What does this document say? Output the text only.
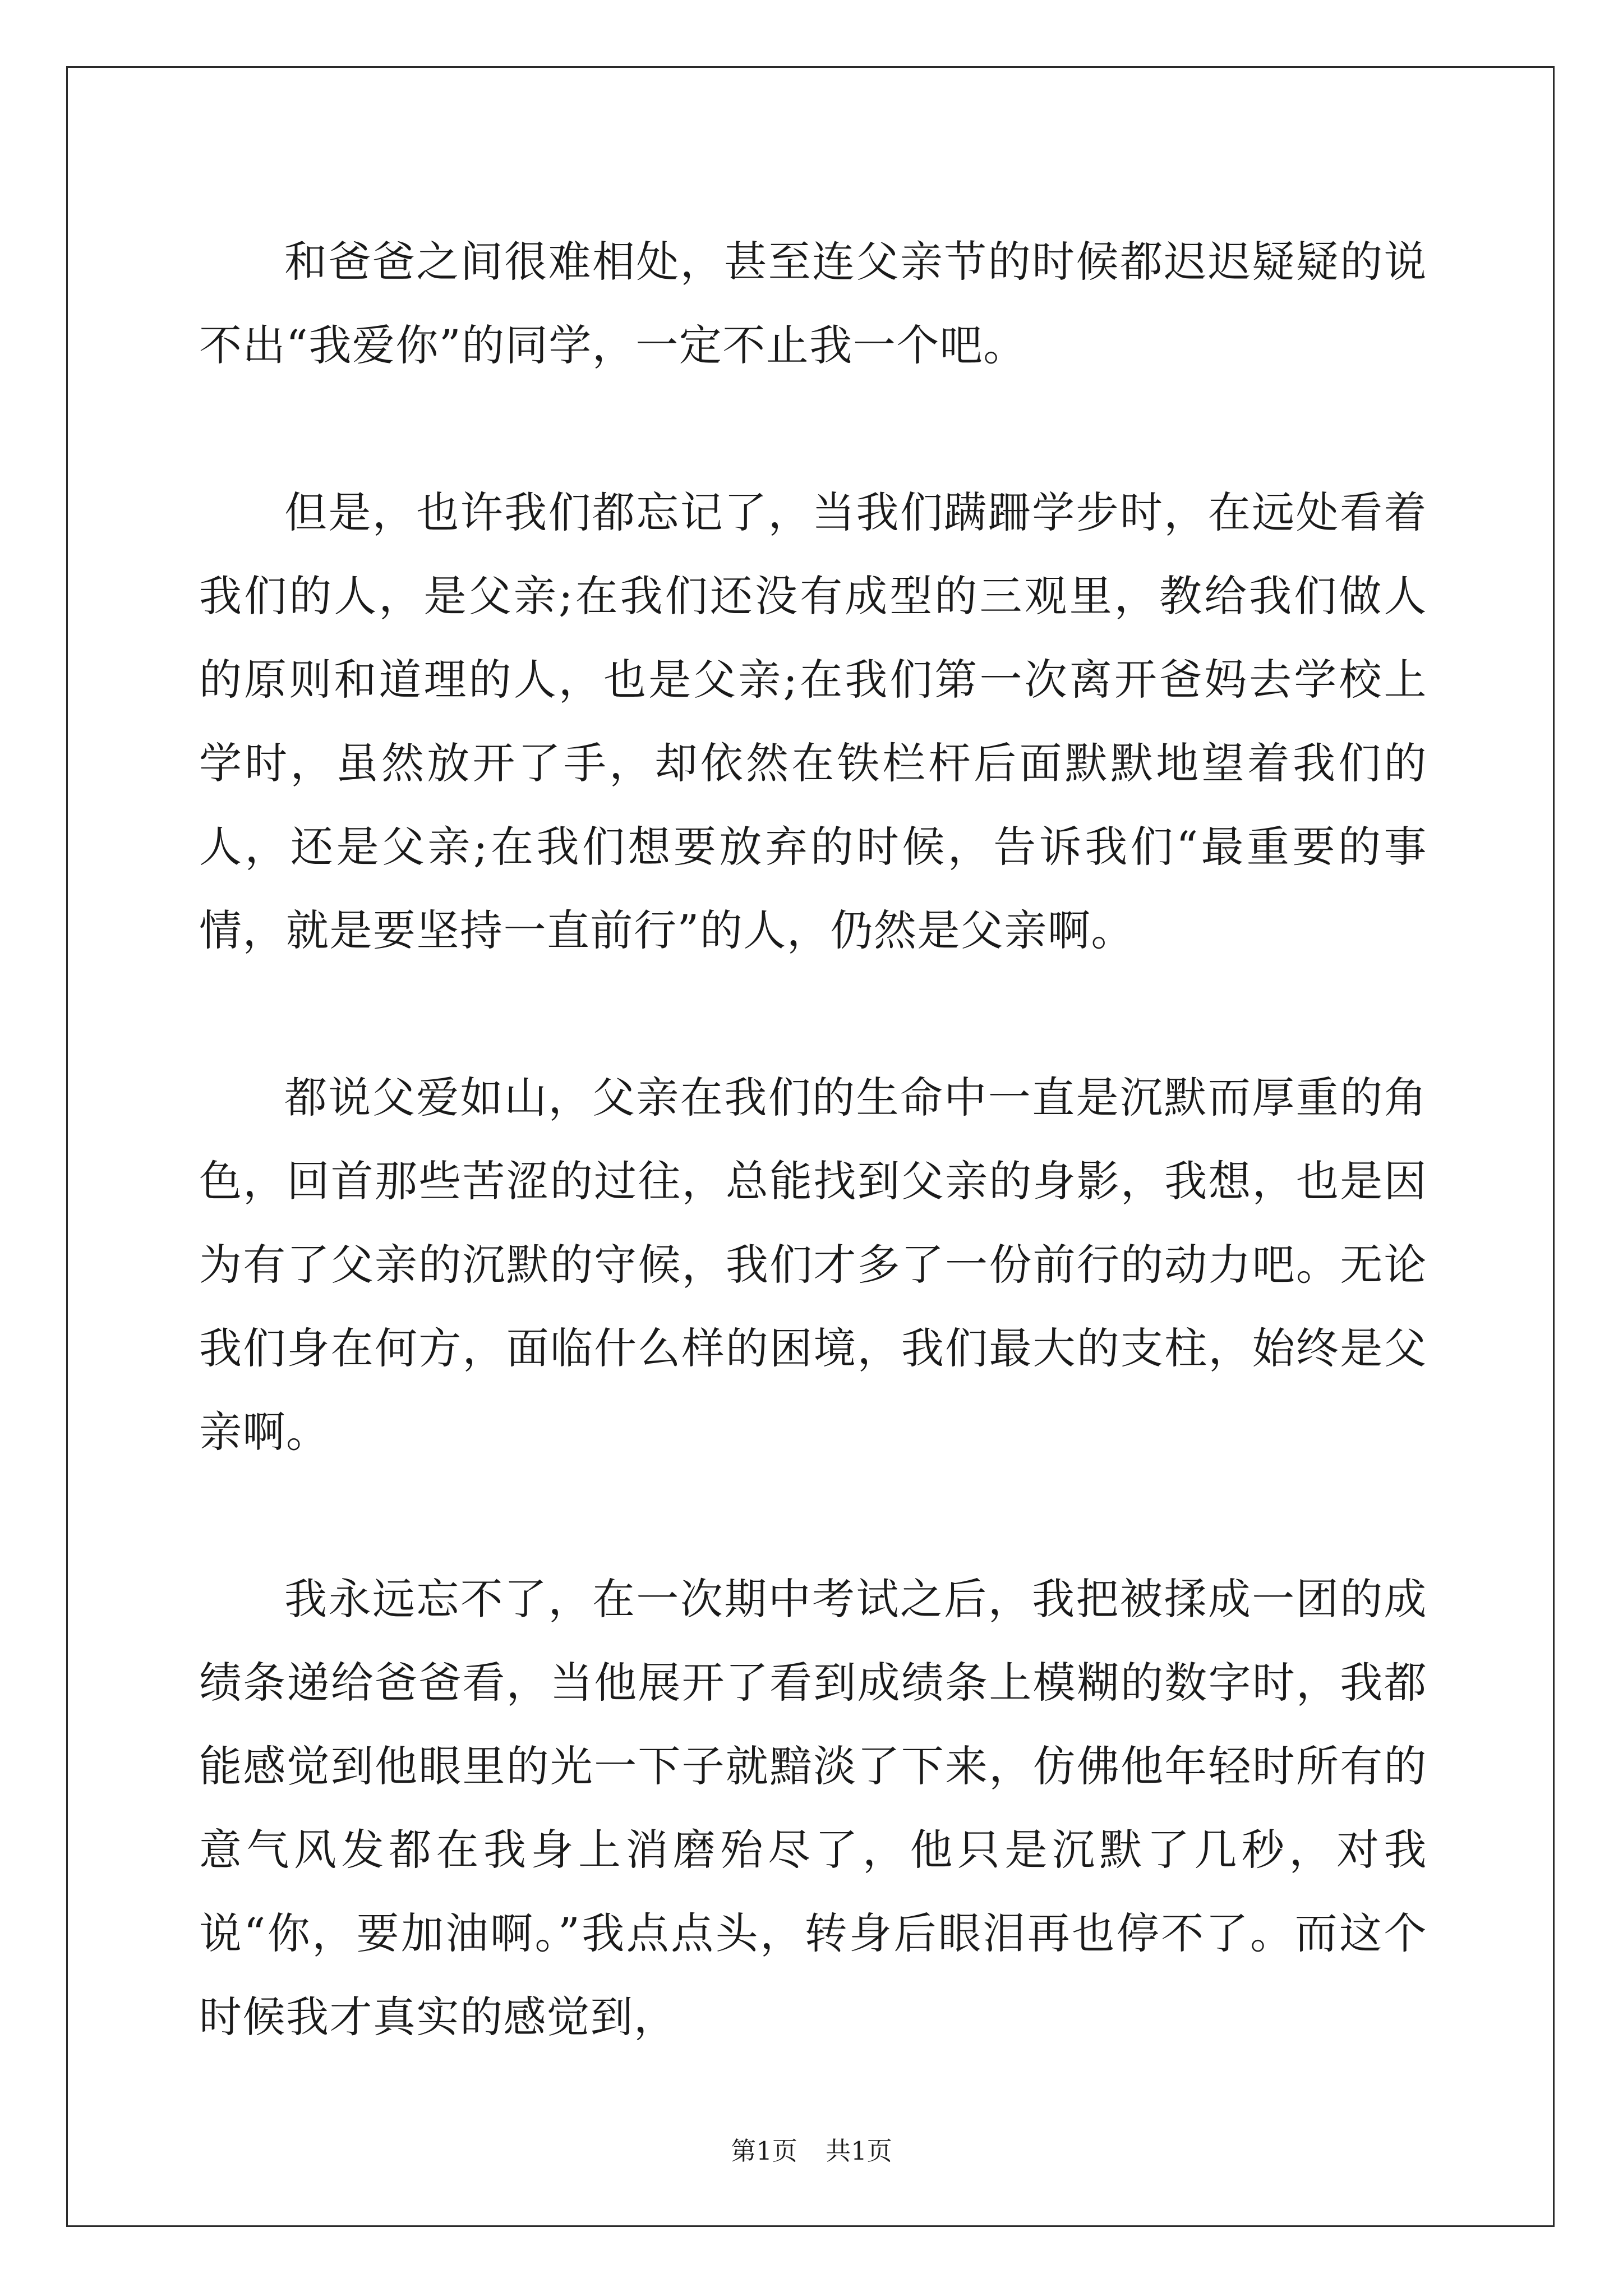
和爸爸之间很难相处，甚至连父亲节的时候都迟迟疑疑的说不出“我爱你”的同学，一定不止我一个吧。

但是，也许我们都忘记了，当我们蹒跚学步时，在远处看着我们的人，是父亲;在我们还没有成型的三观里，教给我们做人的原则和道理的人，也是父亲;在我们第一次离开爸妈去学校上学时，虽然放开了手，却依然在铁栏杆后面默默地望着我们的人，还是父亲;在我们想要放弃的时候，告诉我们“最重要的事情，就是要坚持一直前行”的人，仍然是父亲啊。

都说父爱如山，父亲在我们的生命中一直是沉默而厚重的角色，回首那些苦涩的过往，总能找到父亲的身影，我想，也是因为有了父亲的沉默的守候，我们才多了一份前行的动力吧。无论我们身在何方，面临什么样的困境，我们最大的支柱，始终是父亲啊。

我永远忘不了，在一次期中考试之后，我把被揉成一团的成绩条递给爸爸看，当他展开了看到成绩条上模糊的数字时，我都能感觉到他眼里的光一下子就黯淡了下来，仿佛他年轻时所有的意气风发都在我身上消磨殆尽了，他只是沉默了几秒，对我说“你，要加油啊。”我点点头，转身后眼泪再也停不了。而这个时候我才真实的感觉到，

第1页 共1页
